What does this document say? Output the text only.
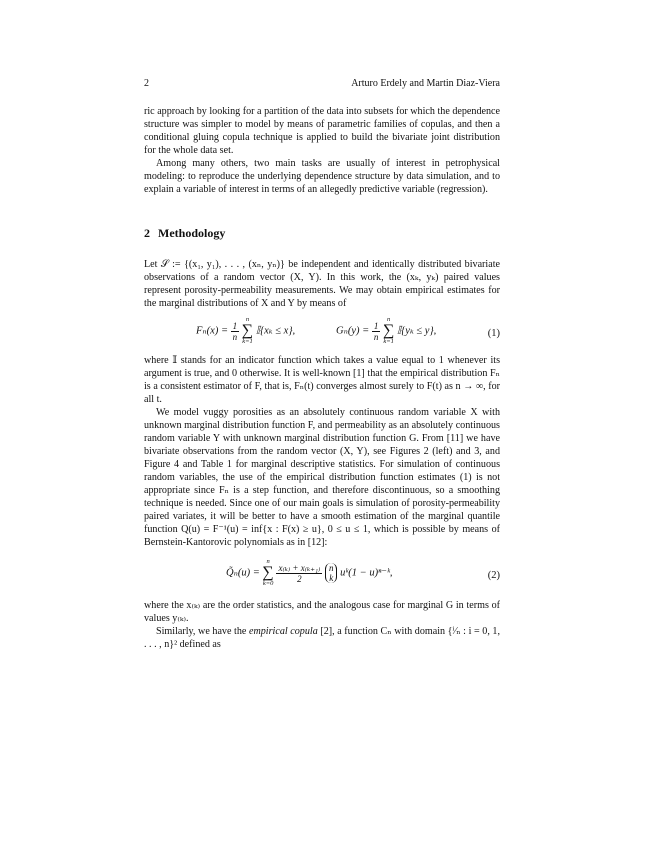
2	Arturo Erdely and Martin Diaz-Viera

ric approach by looking for a partition of the data into subsets for which the dependence structure was simpler to model by means of parametric families of copulas, and then a conditional gluing copula technique is applied to build the bivariate joint distribution for the whole data set.

Among many others, two main tasks are usually of interest in petrophysical modeling: to reproduce the underlying dependence structure by data simulation, and to explain a variable of interest in terms of an allegedly predictive variable (regression).

2 Methodology

Let 𝒮 := {(x₁, y₁), . . . , (xₙ, yₙ)} be independent and identically distributed bivariate observations of a random vector (X, Y). In this work, the (xₖ, yₖ) paired values represent porosity-permeability measurements. We may obtain empirical estimates for the marginal distributions of X and Y by means of

$F_n(x) = \frac{1}{n}$

n
∑
k=1
𝕀{xₖ ≤ x},	$G_n(y) = \frac{1}{n}$

n
∑
k=1
𝕀{yₖ ≤ y},	(1)

where 𝕀 stands for an indicator function which takes a value equal to 1 whenever its argument is true, and 0 otherwise. It is well-known [1] that the empirical distribution Fₙ is a consistent estimator of F, that is, Fₙ(t) converges almost surely to F(t) as n → ∞, for all t.

We model vuggy porosities as an absolutely continuous random variable X with unknown marginal distribution function F, and permeability as an absolutely continuous random variable Y with unknown marginal distribution function G. From [11] we have bivariate observations from the random vector (X, Y), see Figures 2 (left) and 3, and Figure 4 and Table 1 for marginal descriptive statistics. For simulation of continuous random variables, the use of the empirical distribution function estimates (1) is not appropriate since Fₙ is a step function, and therefore discontinuous, so a smoothing technique is needed. Since one of our main goals is simulation of porosity-permeability paired variates, it will be better to have a smooth estimation of the marginal quantile function Q(u) = F⁻¹(u) = inf{x : F(x) ≥ u}, 0 ≤ u ≤ 1, which is possible by means of Bernstein-Kantorovic polynomials as in [12]:

Q̃ₙ(u) =
n
∑
k=0
$\frac{\text{x₍ₖ₎ + x₍ₖ₊₁₎}}{2}$
n
k uᵏ(1 − u)ⁿ⁻ᵏ,	(2)

where the x₍ₖ₎ are the order statistics, and the analogous case for marginal G in terms of values y₍ₖ₎.

Similarly, we have the empirical copula [2], a function Cₙ with domain {ⁱ⁄ₙ : i = 0, 1, . . . , n}² defined as
